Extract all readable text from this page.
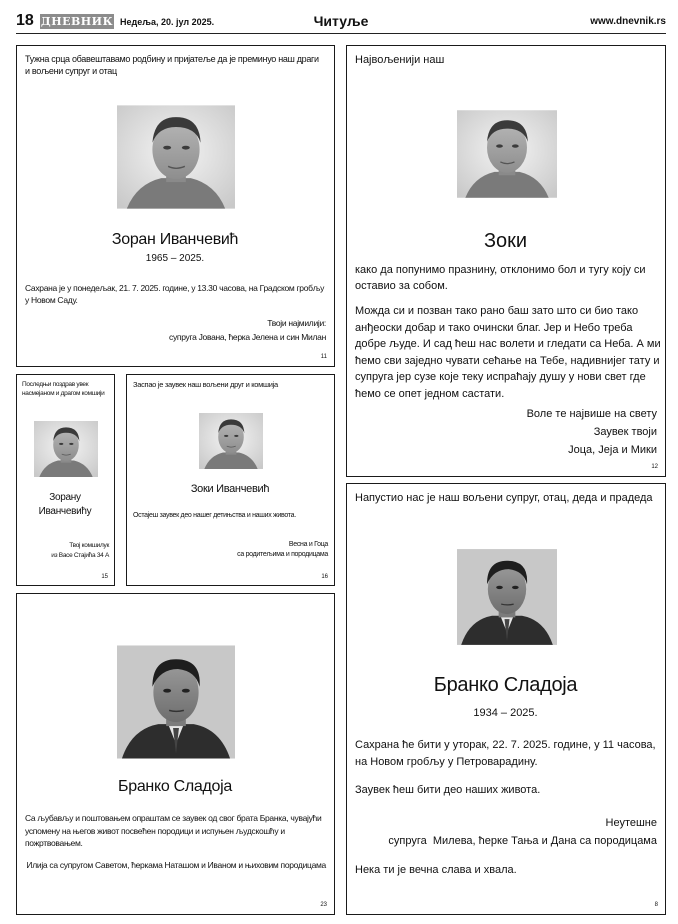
18 ДНЕВНИК Недеља, 20. јул 2025.	Читуље	www.dnevnik.rs
Тужна срца обавештавамо родбину и пријатеље да је преминуо наш драги и вољени супруг и отац
Зоран Иванчевић
1965 – 2025.
Сахрана је у понедељак, 21. 7. 2025. године, у 13.30 часова, на Градском гробљу у Новом Саду.
Твоји најмилији:
супруга Јована, ћерка Јелена и син Милан
11
Највољенији наш
Зоки
како да попунимо празнину, отклонимо бол и тугу коју си оставио за собом.
Можда си и позван тако рано баш зато што си био тако анђеоски добар и тако очински благ. Јер и Небо треба добре људе. И сад ћеш нас волети и гледати са Неба. А ми ћемо сви заједно чувати сећање на Тебе, надивнијег тату и супруга јер сузе које теку испраћају душу у нови свет где ћемо се опет једном састати.
Воле те највише на свету
Заувек твоји
Јоца, Јеја и Мики
12
Последњи поздрав увек насмејаном и драгом комшији
Зорану
Иванчевићу
Твој комшилук
из Васе Стајића 34 А
15
Заспао је заувек наш вољени друг и комшија
Зоки Иванчевић
Остајеш заувек део нашег детињства и наших живота.
Весна и Гоца
са родитељима и породицама
16
Бранко Сладоја
Са љубављу и поштовањем опраштам се заувек од свог брата Бранка, чувајући успомену на његов живот посвећен породици и испуњен људскошћу и пожртвовањем.
Илија са супругом Саветом, ћеркама Наташом и Иваном и њиховим породицама
23
Напустио нас је наш вољени супруг, отац, деда и прадеда
Бранко Сладоја
1934 – 2025.
Сахрана ће бити у уторак, 22. 7. 2025. године, у 11 часова, на Новом гробљу у Петроварадину.
Заувек ћеш бити део наших живота.
Неутешне
супруга  Милева, ћерке Тања и Дана са породицама
Нека ти је вечна слава и хвала.
8
